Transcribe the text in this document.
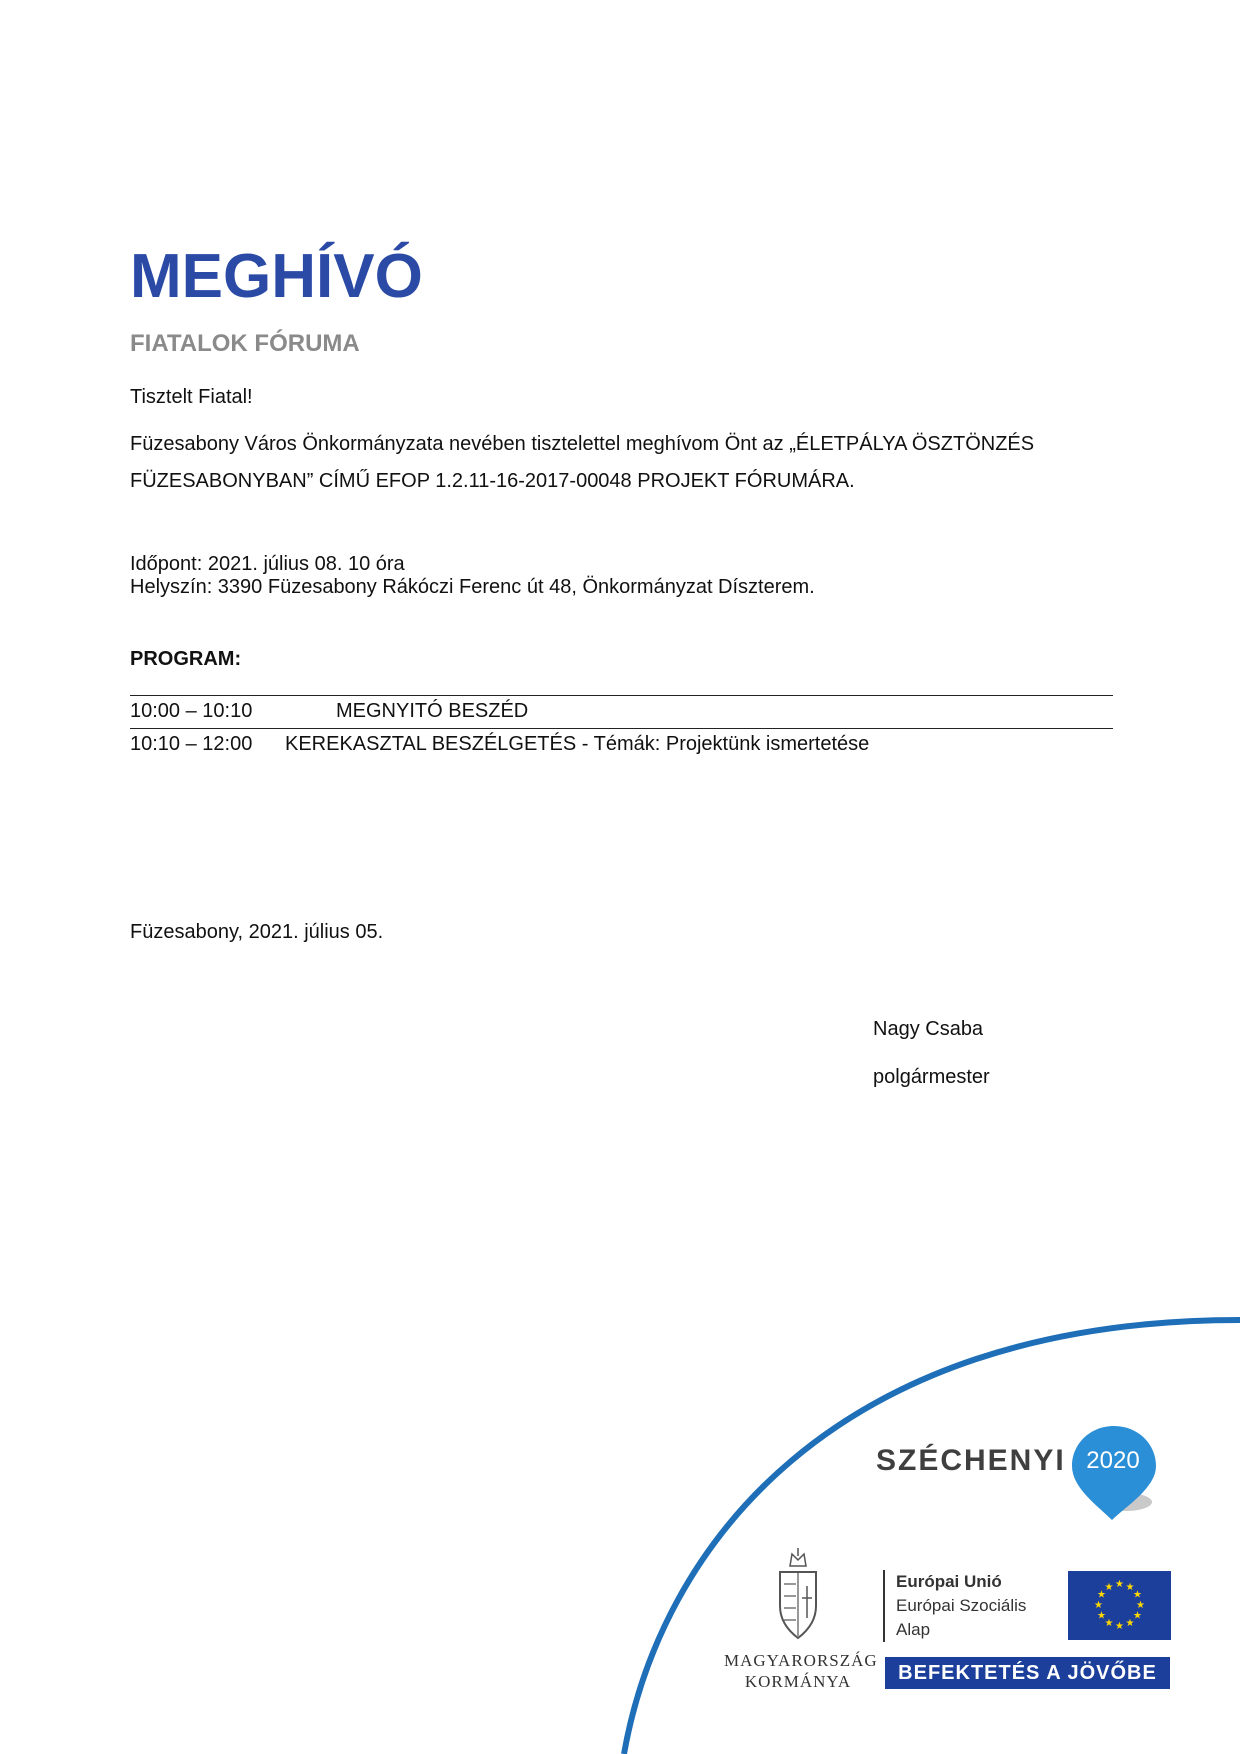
MEGHÍVÓ
FIATALOK FÓRUMA
Tisztelt Fiatal!
Füzesabony Város Önkormányzata nevében tisztelettel meghívom Önt az „ÉLETPÁLYA ÖSZTÖNZÉS
FÜZESABONYBAN” CÍMŰ EFOP 1.2.11-16-2017-00048 PROJEKT FÓRUMÁRA.
Időpont: 2021. július 08. 10 óra
Helyszín: 3390 Füzesabony Rákóczi Ferenc út 48, Önkormányzat Díszterem.
PROGRAM:
10:00 – 10:10	MEGNYITÓ BESZÉD
10:10 – 12:00 KEREKASZTAL BESZÉLGETÉS - Témák: Projektünk ismertetése
Füzesabony, 2021. július 05.
Nagy Csaba
polgármester
SZÉCHENYI 2020
MAGYARORSZÁG
KORMÁNYA
Európai Unió
Európai Szociális
Alap
★ ★
★
★
★
★
★
★
★
★
★
★
BEFEKTETÉS A JÖVŐBE
